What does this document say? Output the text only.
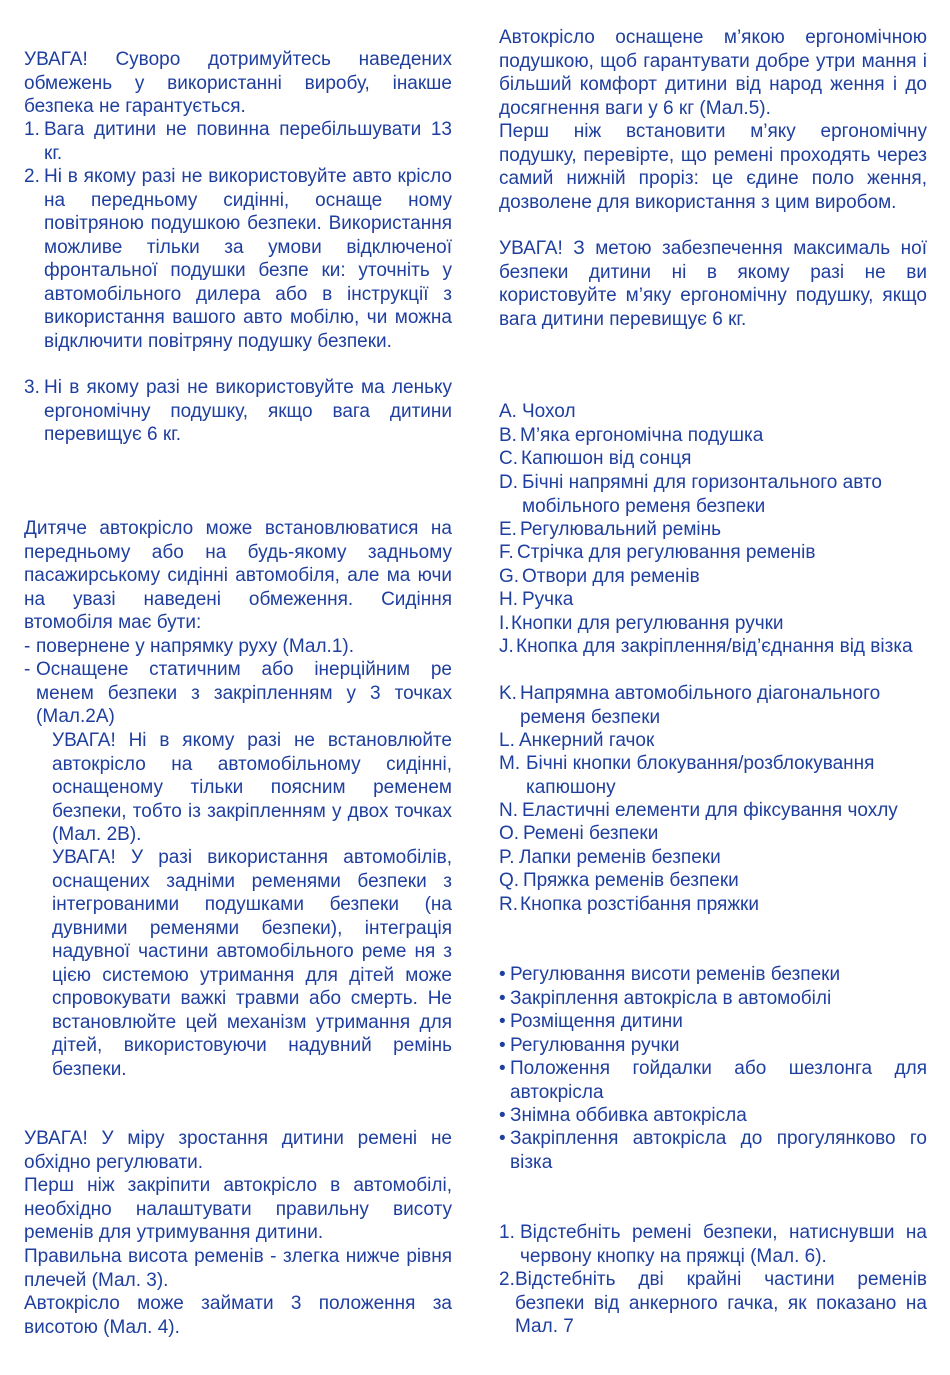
УВАГА! Суворо дотримуйтесь наведених обмежень у використанні виробу, інакше безпека не гарантується.

1. Вага дитини не повинна перебільшувати 13 кг.
2. Ні в якому разі не використовуйте авто крісло на передньому сидінні, оснаще ному повітряною подушкою безпеки. Використання можливе тільки за умови відключеної фронтальної подушки безпе ки: уточніть у автомобільного дилера або в інструкції з використання вашого авто мобілю, чи можна відключити повітряну подушку безпеки.
3. Ні в якому разі не використовуйте ма леньку ергономічну подушку, якщо вага дитини перевищує 6 кг.

Дитяче автокрісло може встановлюватися на передньому або на будь-якому задньому пасажирському сидінні автомобіля, але ма ючи на увазі наведені обмеження. Сидіння втомобіля має бути:

- повернене у напрямку руху (Мал.1).
- Оснащене статичним або інерційним ре менем безпеки з закріпленням у 3 точках (Мал.2А)

УВАГА! Ні в якому разі не встановлюйте автокрісло на автомобільному сидінні, оснащеному тільки поясним ременем безпеки, тобто із закріпленням у двох точках (Мал. 2В).

УВАГА! У разі використання автомобілів, оснащених задніми ременями безпеки з інтегрованими подушками безпеки (на дувними ременями безпеки), інтеграція надувної частини автомобільного реме ня з цією системою утримання для дітей може спровокувати важкі травми або смерть. Не встановлюйте цей механізм утримання для дітей, використовуючи надувний ремінь безпеки.

УВАГА! У міру зростання дитини ремені не обхідно регулювати.

Перш ніж закріпити автокрісло в автомобілі, необхідно налаштувати правильну висоту ременів для утримування дитини.

Правильна висота ременів - злегка нижче рівня плечей (Мал. 3).

Автокрісло може займати 3 положення за висотою (Мал. 4).

Автокрісло оснащене м’якою ергономічною подушкою, щоб гарантувати добре утри мання і більший комфорт дитини від народ ження і до досягнення ваги у 6 кг (Мал.5).

Перш ніж встановити м’яку ергономічну подушку, перевірте, що ремені проходять через самий нижній проріз: це єдине поло ження, дозволене для використання з цим виробом.

УВАГА! З метою забезпечення максималь ної безпеки дитини ні в якому разі не ви користовуйте м’яку ергономічну подушку, якщо вага дитини перевищує 6 кг.

A. Чохол
B. М’яка ергономічна подушка
C. Капюшон від сонця
D. Бічні напрямні для горизонтального авто мобільного ременя безпеки
E. Регулювальний ремінь
F. Стрічка для регулювання ременів
G. Отвори для ременів
H. Ручка
I. Кнопки для регулювання ручки
J. Кнопка для закріплення/від’єднання від візка
K. Напрямна автомобільного діагонального ременя безпеки
L. Анкерний гачок
M. Бічні кнопки блокування/розблокування капюшону
N. Еластичні елементи для фіксування чохлу
O. Ремені безпеки
P. Лапки ременів безпеки
Q. Пряжка ременів безпеки
R. Кнопка розстібання пряжки
• Регулювання висоти ременів безпеки
• Закріплення автокрісла в автомобілі
• Розміщення дитини
• Регулювання ручки
• Положення гойдалки або шезлонга для автокрісла
• Знімна оббивка автокрісла
• Закріплення автокрісла до прогулянково го візка
1. Відстебніть ремені безпеки, натиснувши на червону кнопку на пряжці (Мал. 6).
2. Відстебніть дві крайні частини ременів безпеки від анкерного гачка, як показано на Мал. 7
